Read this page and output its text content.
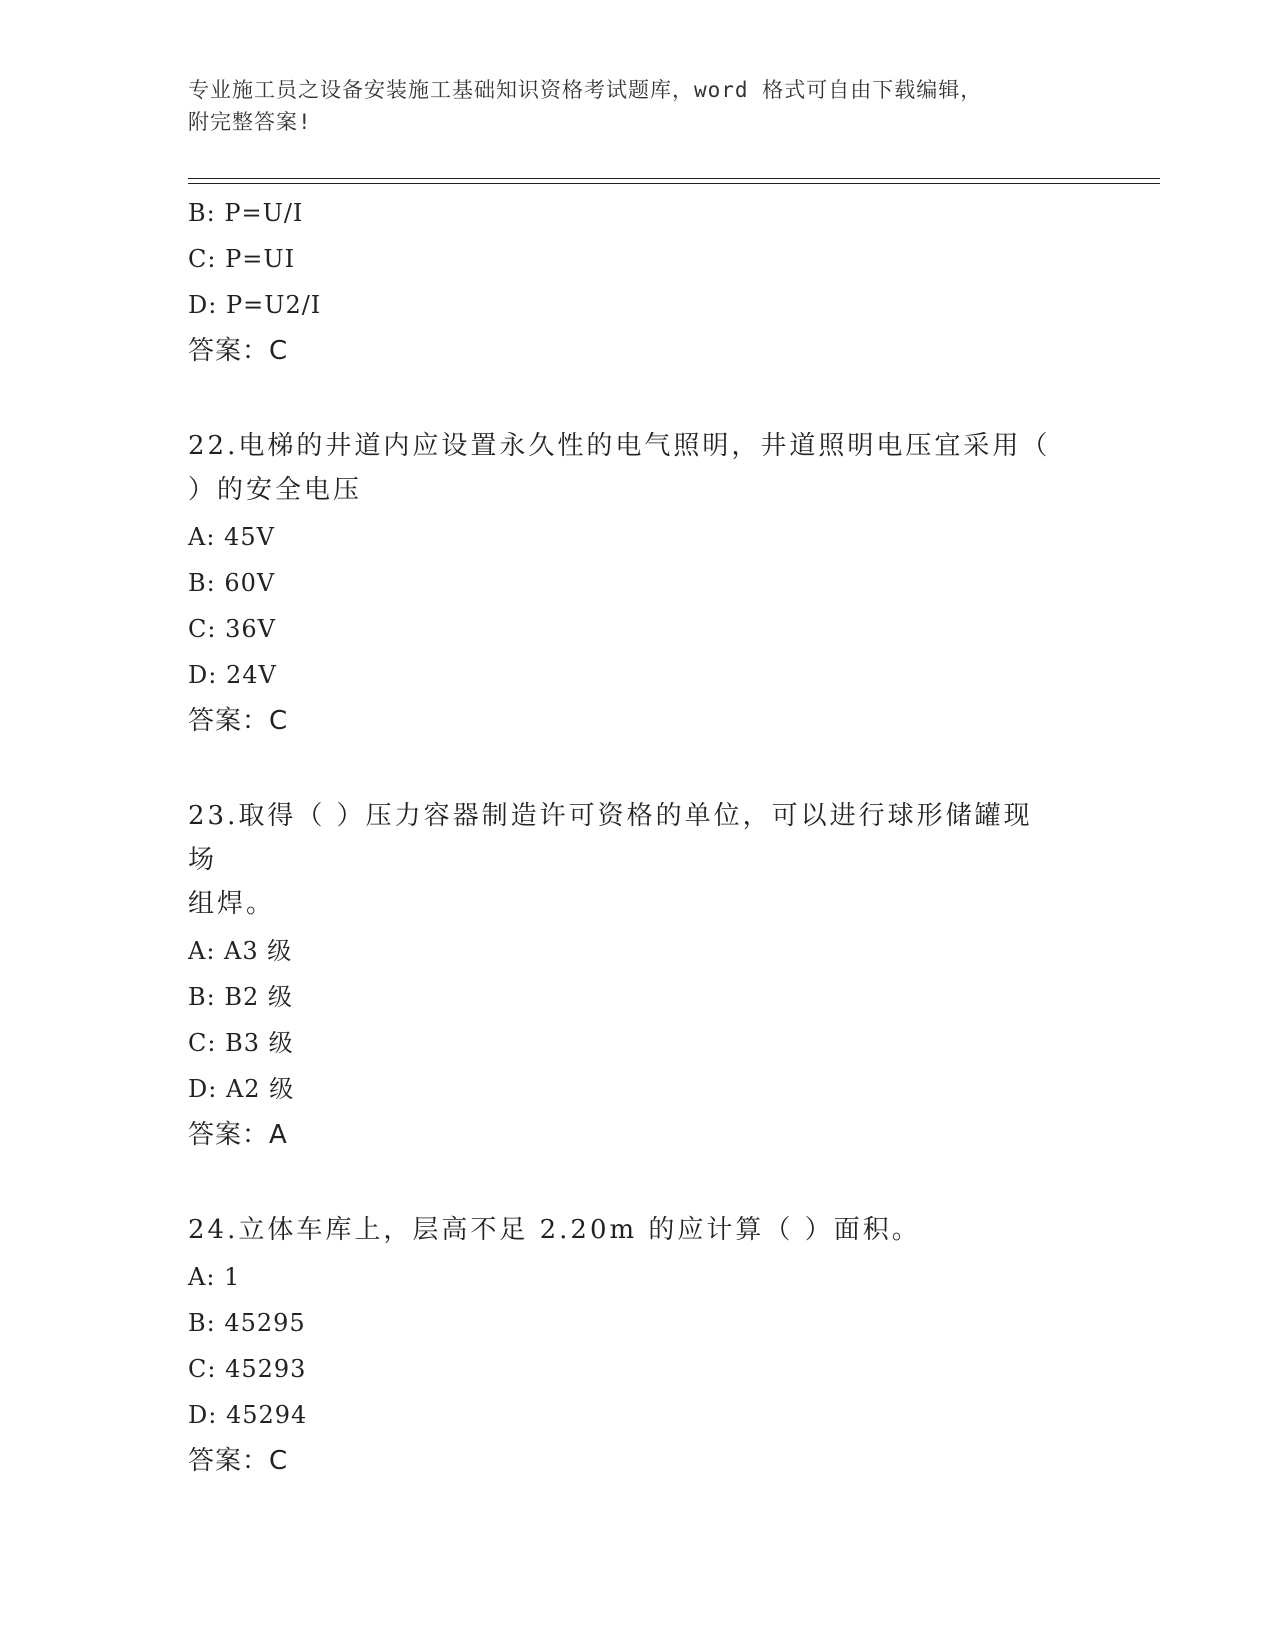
专业施工员之设备安装施工基础知识资格考试题库，word 格式可自由下载编辑，
附完整答案!
B: P=U/I
C: P=UI
D: P=U2/I
答案：C
22.电梯的井道内应设置永久性的电气照明，井道照明电压宜采用（
）的安全电压
A: 45V
B: 60V
C: 36V
D: 24V
答案：C
23.取得（ ）压力容器制造许可资格的单位，可以进行球形储罐现场
组焊。
A: A3 级
B: B2 级
C: B3 级
D: A2 级
答案：A
24.立体车库上，层高不足 2.20m 的应计算（ ）面积。
A: 1
B: 45295
C: 45293
D: 45294
答案：C
